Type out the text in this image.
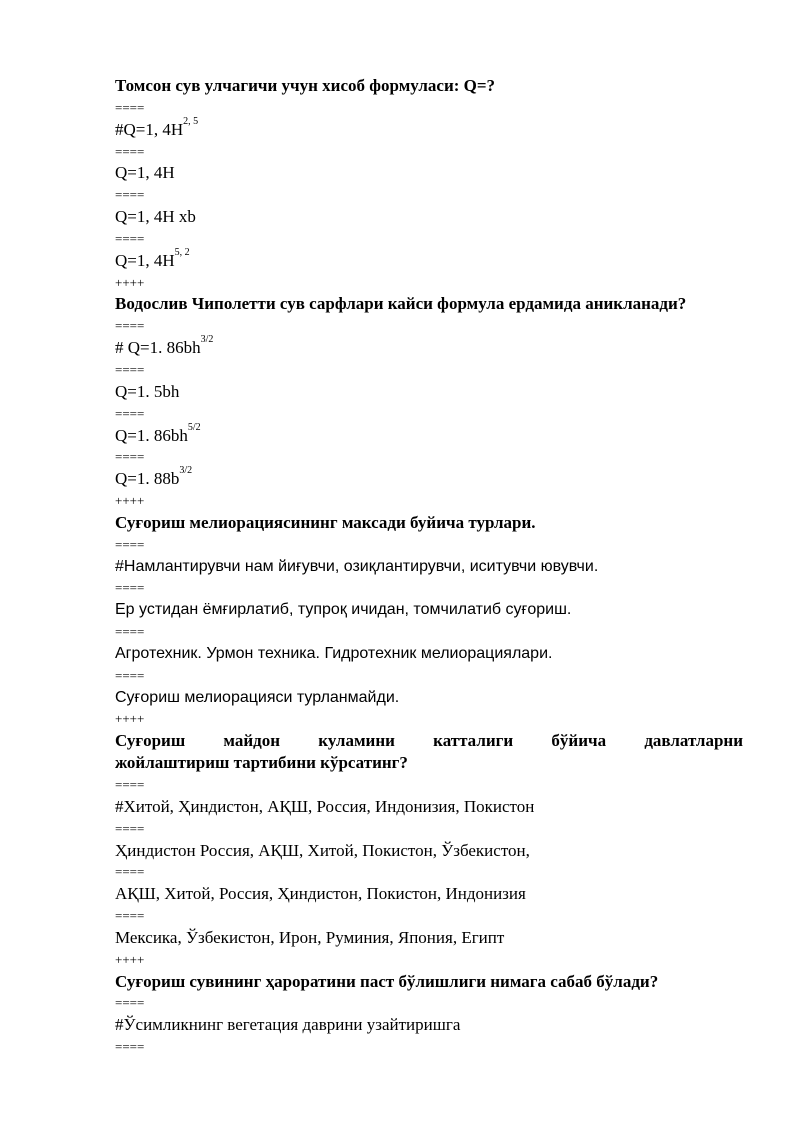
Томсон сув улчагичи учун хисоб формуласи: Q=?
====
#Q=1, $4H^{2, 5}$
====
Q=1, 4H
====
Q=1, 4H xb
====
Q=1, $4H^{5, 2}$
++++
Водослив Чиполетти сув сарфлари кайси формула ердамида аникланади?
====
# Q=1. $86bh^{3/2}$
====
Q=1. 5bh
====
Q=1. $86bh^{5/2}$
====
Q=1. $88b^{3/2}$
++++
Суғориш мелиорациясининг максади буйича турлари.
====
#Намлантирувчи нам йиғувчи, озиқлантирувчи, иситувчи ювувчи.
====
Ер устидан ёмғирлатиб, тупроқ ичидан, томчилатиб суғориш.
====
Агротехник. Урмон техника. Гидротехник мелиорациялари.
====
Суғориш мелиорацияси турланмайди.
++++
Суғориш майдон куламини катталиги бўйича давлатларни
жойлаштириш тартибини кўрсатинг?
====
#Хитой, Ҳиндистон, АҚШ, Россия, Индонизия, Покистон
====
Ҳиндистон Россия, АҚШ, Хитой, Покистон, Ўзбекистон,
====
АҚШ, Хитой, Россия, Ҳиндистон, Покистон, Индонизия
====
Мексика, Ўзбекистон, Ирон, Руминия, Япония, Египт
++++
Суғориш сувининг ҳароратини паст бўлишлиги нимага сабаб бўлади?
====
#Ўсимликнинг вегетация даврини узайтиришга
====
